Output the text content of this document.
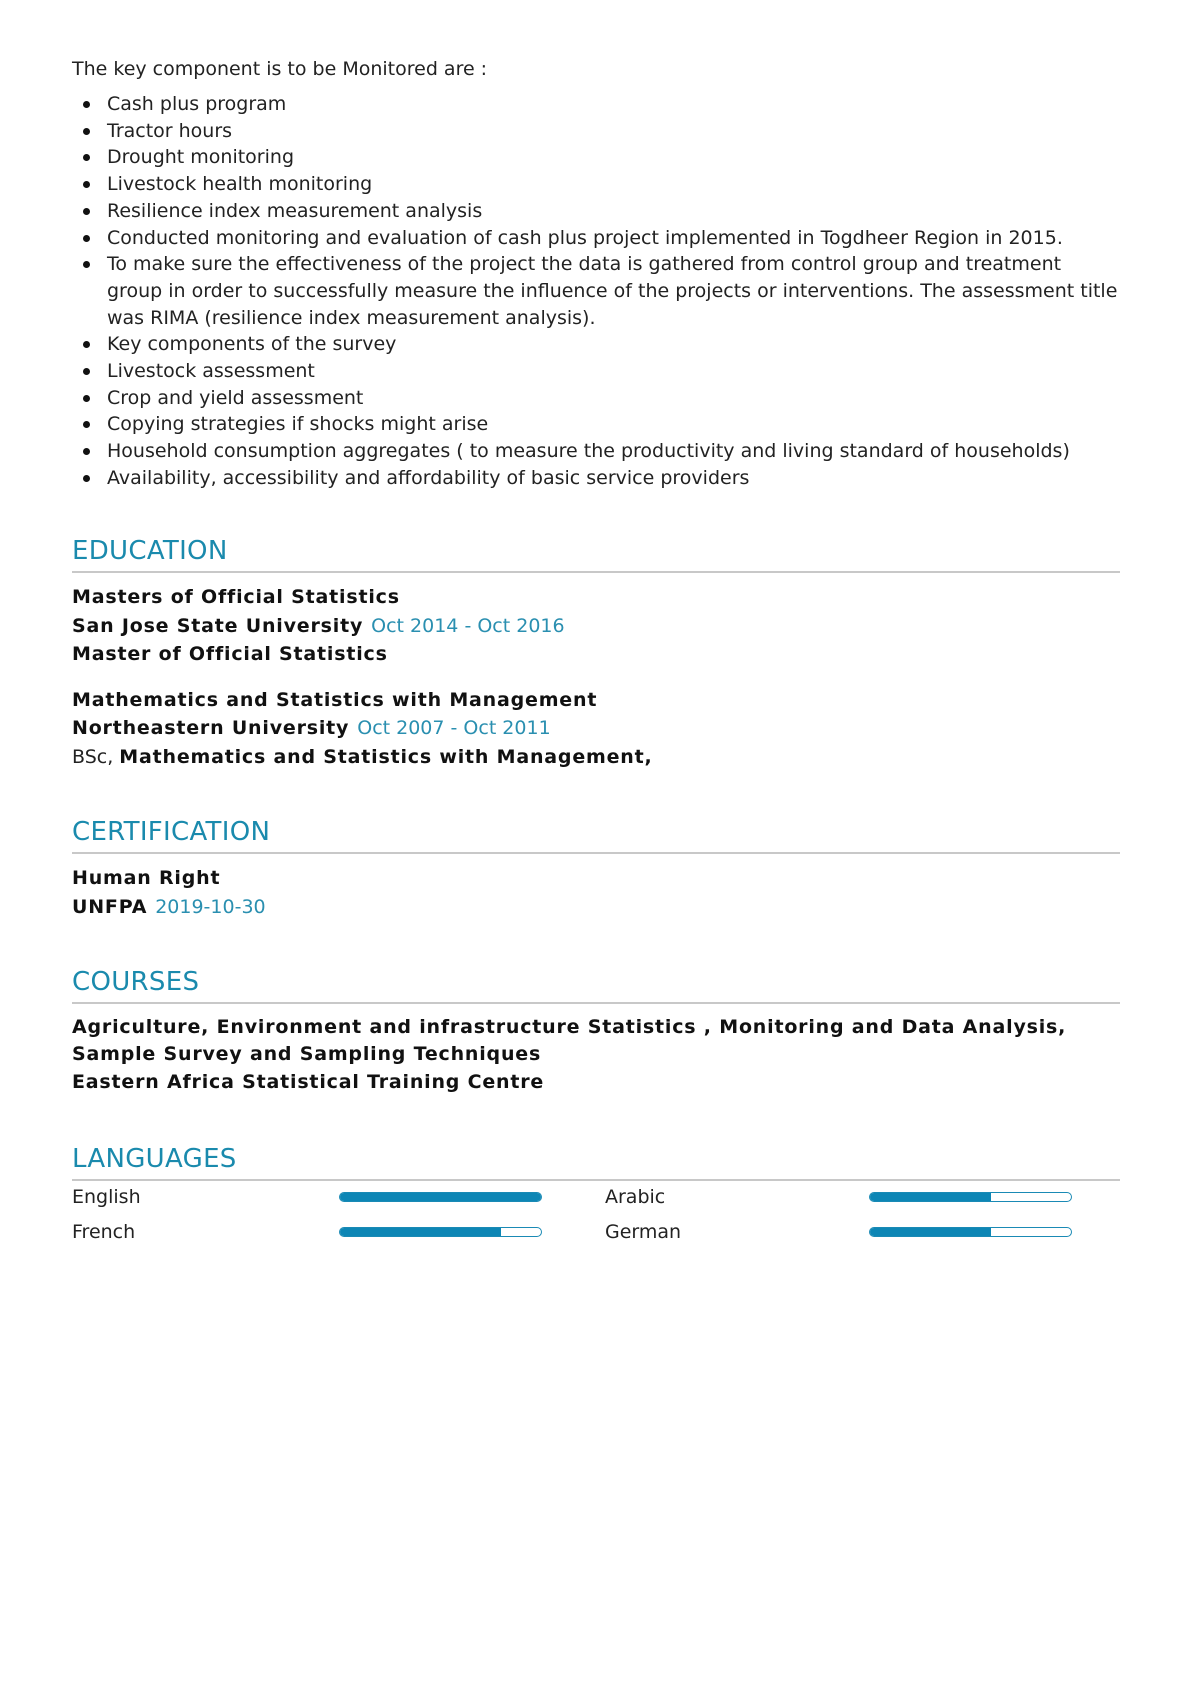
The key component is to be Monitored are :
Cash plus program
Tractor hours
Drought monitoring
Livestock health monitoring
Resilience index measurement analysis
Conducted monitoring and evaluation of cash plus project implemented in Togdheer Region in 2015.
To make sure the effectiveness of the project the data is gathered from control group and treatment group in order to successfully measure the influence of the projects or interventions. The assessment title was RIMA (resilience index measurement analysis).
Key components of the survey
Livestock assessment
Crop and yield assessment
Copying strategies if shocks might arise
Household consumption aggregates ( to measure the productivity and living standard of households)
Availability, accessibility and affordability of basic service providers
EDUCATION
Masters of Official Statistics
San Jose State University Oct 2014 - Oct 2016
Master of Official Statistics
Mathematics and Statistics with Management
Northeastern University Oct 2007 - Oct 2011
BSc, Mathematics and Statistics with Management,
CERTIFICATION
Human Right
UNFPA 2019-10-30
COURSES
Agriculture, Environment and infrastructure Statistics , Monitoring and Data Analysis, Sample Survey and Sampling Techniques
Eastern Africa Statistical Training Centre
LANGUAGES
English	Arabic
French	German
